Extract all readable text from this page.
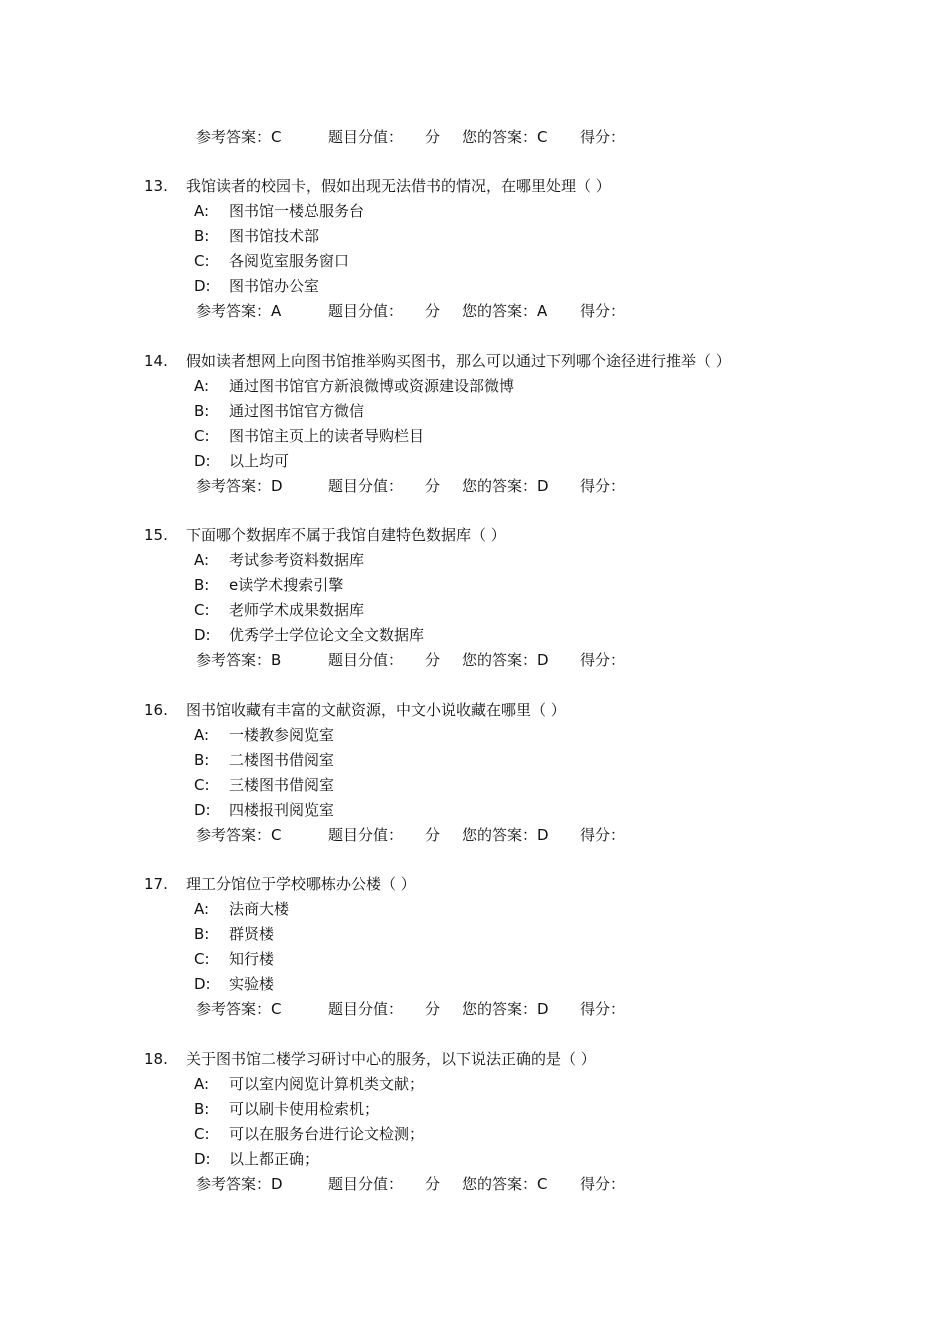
参考答案：C	题目分值： 分 您的答案：C 得分：
13. 我馆读者的校园卡，假如出现无法借书的情况，在哪里处理（ ）
A: 图书馆一楼总服务台
B: 图书馆技术部
C: 各阅览室服务窗口
D: 图书馆办公室
参考答案：A	题目分值： 分 您的答案：A 得分：
14. 假如读者想网上向图书馆推举购买图书，那么可以通过下列哪个途径进行推举（ ）
A: 通过图书馆官方新浪微博或资源建设部微博
B: 通过图书馆官方微信
C: 图书馆主页上的读者导购栏目
D: 以上均可
参考答案：D	题目分值： 分 您的答案：D 得分：
15. 下面哪个数据库不属于我馆自建特色数据库（ ）
A: 考试参考资料数据库
B: e读学术搜索引擎
C: 老师学术成果数据库
D: 优秀学士学位论文全文数据库
参考答案：B	题目分值： 分 您的答案：D 得分：
16. 图书馆收藏有丰富的文献资源，中文小说收藏在哪里（ ）
A: 一楼教参阅览室
B: 二楼图书借阅室
C: 三楼图书借阅室
D: 四楼报刊阅览室
参考答案：C	题目分值： 分 您的答案：D 得分：
17. 理工分馆位于学校哪栋办公楼（ ）
A: 法商大楼
B: 群贤楼
C: 知行楼
D: 实验楼
参考答案：C	题目分值： 分 您的答案：D 得分：
18. 关于图书馆二楼学习研讨中心的服务，以下说法正确的是（ ）
A: 可以室内阅览计算机类文献；
B: 可以刷卡使用检索机；
C: 可以在服务台进行论文检测；
D: 以上都正确；
参考答案：D	题目分值： 分 您的答案：C 得分：
